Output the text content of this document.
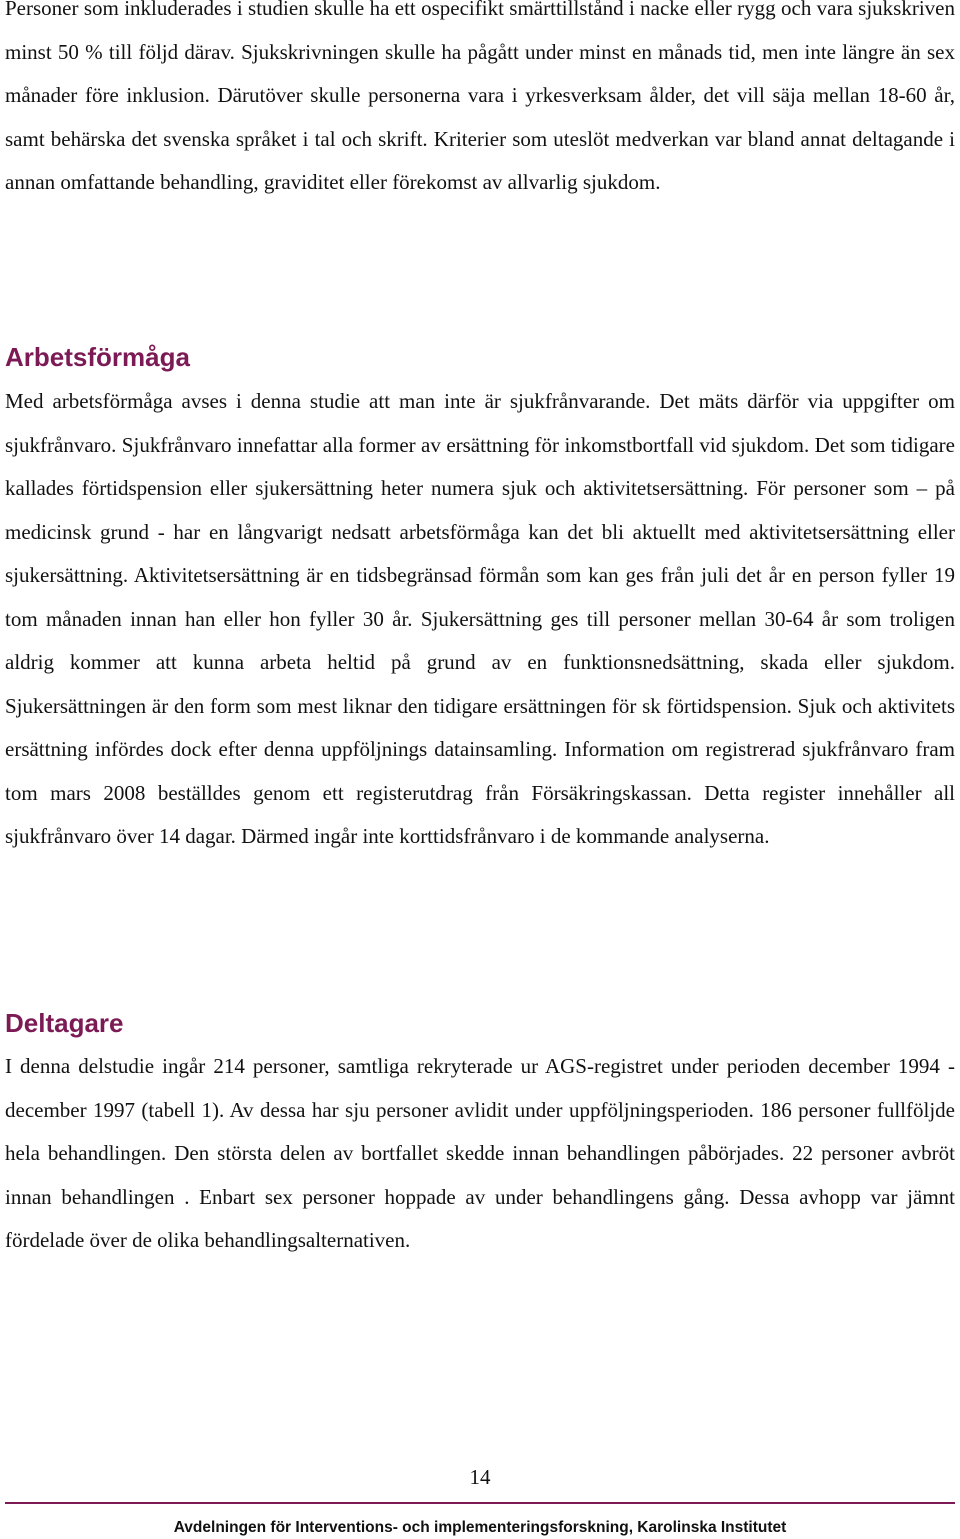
Personer som inkluderades i studien skulle ha ett ospecifikt smärttillstånd i nacke eller rygg och vara sjukskriven minst 50 % till följd därav. Sjukskrivningen skulle ha pågått under minst en månads tid, men inte längre än sex månader före inklusion. Därutöver skulle personerna vara i yrkesverksam ålder, det vill säja mellan 18-60 år, samt behärska det svenska språket i tal och skrift. Kriterier som uteslöt medverkan var bland annat deltagande i annan omfattande behandling, graviditet eller förekomst av allvarlig sjukdom.

Arbetsförmåga

Med arbetsförmåga avses i denna studie att man inte är sjukfrånvarande. Det mäts därför via uppgifter om sjukfrånvaro. Sjukfrånvaro innefattar alla former av ersättning för inkomstbortfall vid sjukdom. Det som tidigare kallades förtidspension eller sjukersättning heter numera sjuk och aktivitetsersättning. För personer som – på medicinsk grund - har en långvarigt nedsatt arbetsförmåga kan det bli aktuellt med aktivitetsersättning eller sjukersättning. Aktivitetsersättning är en tidsbegränsad förmån som kan ges från juli det år en person fyller 19 tom månaden innan han eller hon fyller 30 år. Sjukersättning ges till personer mellan 30-64 år som troligen aldrig kommer att kunna arbeta heltid på grund av en funktionsnedsättning, skada eller sjukdom. Sjukersättningen är den form som mest liknar den tidigare ersättningen för sk förtidspension. Sjuk och aktivitets ersättning infördes dock efter denna uppföljnings datainsamling. Information om registrerad sjukfrånvaro fram tom mars 2008 beställdes genom ett registerutdrag från Försäkringskassan. Detta register innehåller all sjukfrånvaro över 14 dagar. Därmed ingår inte korttidsfrånvaro i de kommande analyserna.

Deltagare

I denna delstudie ingår 214 personer, samtliga rekryterade ur AGS-registret under perioden december 1994 - december 1997 (tabell 1). Av dessa har sju personer avlidit under uppföljningsperioden. 186 personer fullföljde hela behandlingen. Den största delen av bortfallet skedde innan behandlingen påbörjades. 22 personer avbröt innan behandlingen . Enbart sex personer hoppade av under behandlingens gång. Dessa avhopp var jämnt fördelade över de olika behandlingsalternativen.

14
Avdelningen för Interventions- och implementeringsforskning, Karolinska Institutet
